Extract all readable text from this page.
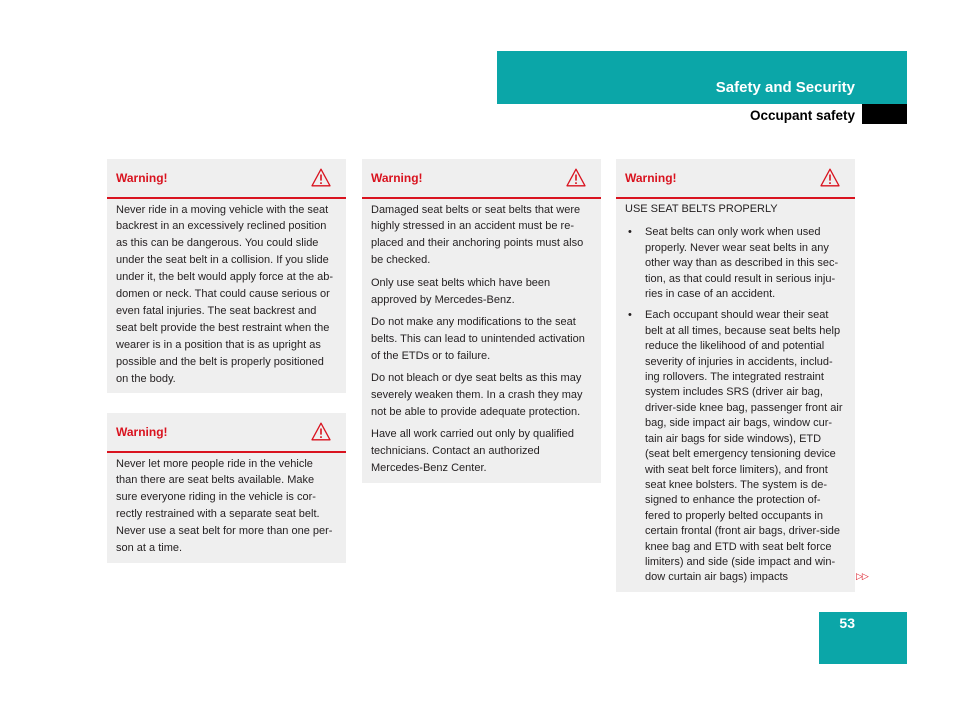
Safety and Security
Occupant safety
Warning!
Never ride in a moving vehicle with the seat
backrest in an excessively reclined position
as this can be dangerous. You could slide
under the seat belt in a collision. If you slide
under it, the belt would apply force at the ab-
domen or neck. That could cause serious or
even fatal injuries. The seat backrest and
seat belt provide the best restraint when the
wearer is in a position that is as upright as
possible and the belt is properly positioned
on the body.
Warning!
Never let more people ride in the vehicle
than there are seat belts available. Make
sure everyone riding in the vehicle is cor-
rectly restrained with a separate seat belt.
Never use a seat belt for more than one per-
son at a time.
Warning!
Damaged seat belts or seat belts that were
highly stressed in an accident must be re-
placed and their anchoring points must also
be checked.
Only use seat belts which have been
approved by Mercedes-Benz.
Do not make any modifications to the seat
belts. This can lead to unintended activation
of the ETDs or to failure.
Do not bleach or dye seat belts as this may
severely weaken them. In a crash they may
not be able to provide adequate protection.
Have all work carried out only by qualified
technicians. Contact an authorized
Mercedes-Benz Center.
Warning!
USE SEAT BELTS PROPERLY
• Seat belts can only work when used
properly. Never wear seat belts in any
other way than as described in this sec-
tion, as that could result in serious inju-
ries in case of an accident.
• Each occupant should wear their seat
belt at all times, because seat belts help
reduce the likelihood of and potential
severity of injuries in accidents, includ-
ing rollovers. The integrated restraint
system includes SRS (driver air bag,
driver-side knee bag, passenger front air
bag, side impact air bags, window cur-
tain air bags for side windows), ETD
(seat belt emergency tensioning device
with seat belt force limiters), and front
seat knee bolsters. The system is de-
signed to enhance the protection of-
fered to properly belted occupants in
certain frontal (front air bags, driver-side
knee bag and ETD with seat belt force
limiters) and side (side impact and win-
dow curtain air bags) impacts	▷▷
53
